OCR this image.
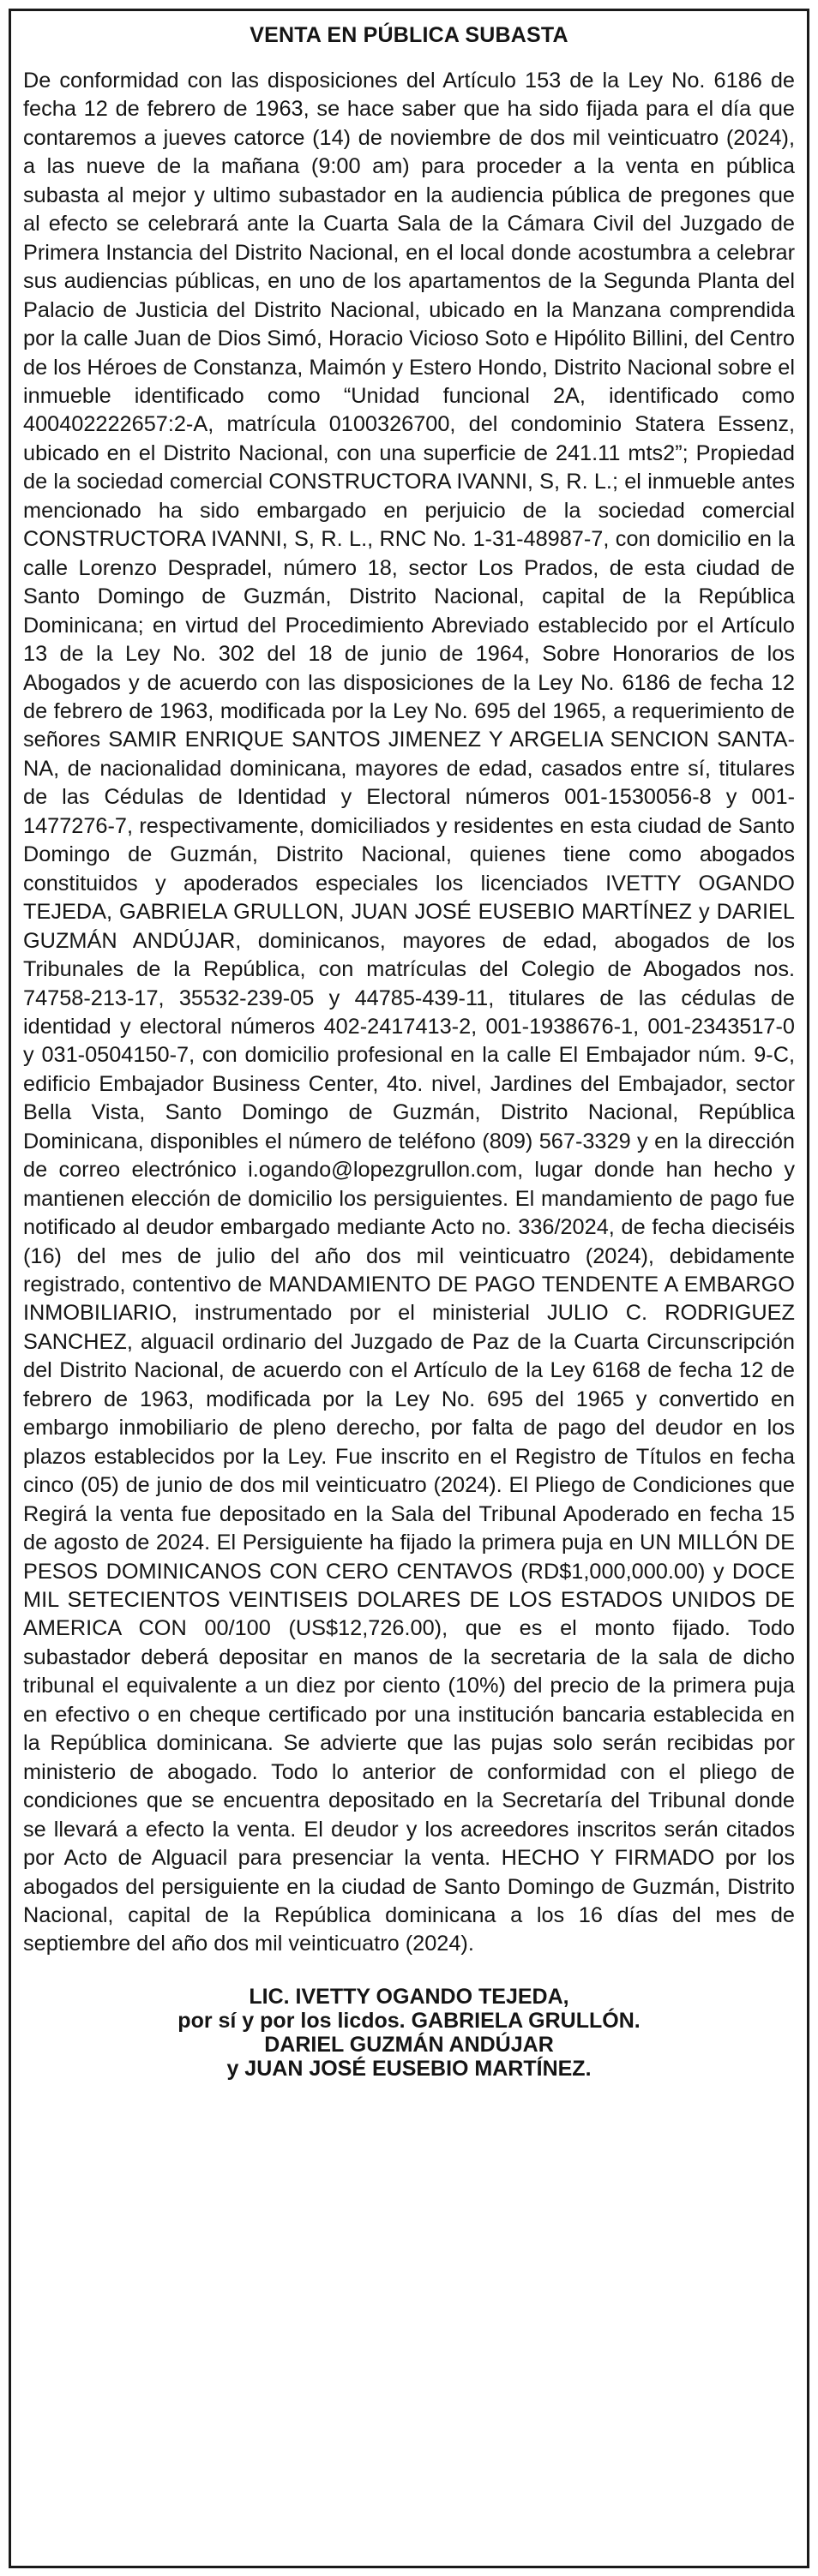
VENTA EN PÚBLICA SUBASTA

De conformidad con las disposiciones del Artículo 153 de la Ley No. 6186 de fecha 12 de febrero de 1963, se hace saber que ha sido fijada para el día que contaremos a jueves catorce (14) de noviembre de dos mil veinticuatro (2024), a las nueve de la mañana (9:00 am) para proceder a la venta en pública subasta al mejor y ultimo subastador en la audiencia pública de pregones que al efecto se celebrará ante la Cuarta Sala de la Cámara Civil del Juzgado de Primera Instancia del Distrito Nacional, en el local donde acostumbra a celebrar sus audiencias públicas, en uno de los apartamentos de la Segunda Planta del Palacio de Justicia del Distrito Nacional, ubicado en la Manzana comprendida por la calle Juan de Dios Simó, Horacio Vicioso Soto e Hipólito Billini, del Centro de los Héroes de Constanza, Maimón y Estero Hondo, Distrito Nacional sobre el inmueble identificado como “Unidad funcional 2A, identificado como 400402222657:2-A, matrícula 0100326700, del condominio Statera Essenz, ubicado en el Distrito Nacional, con una superficie de 241.11 mts2”; Propiedad de la sociedad comercial CONSTRUCTORA IVANNI, S, R. L.; el inmueble antes mencionado ha sido embargado en perjuicio de la sociedad comercial CONSTRUCTORA IVANNI, S, R. L., RNC No. 1-31-48987-7, con domicilio en la calle Lorenzo Despradel, número 18, sector Los Prados, de esta ciudad de Santo Domingo de Guzmán, Distrito Nacional, capital de la República Dominicana; en virtud del Procedimiento Abreviado establecido por el Artículo 13 de la Ley No. 302 del 18 de junio de 1964, Sobre Honorarios de los Abogados y de acuerdo con las disposiciones de la Ley No. 6186 de fecha 12 de febrero de 1963, modificada por la Ley No. 695 del 1965, a requerimiento de señores SAMIR ENRIQUE SANTOS JIMENEZ Y ARGELIA SENCION SANTANA, de nacionalidad dominicana, mayores de edad, casados entre sí, titulares de las Cédulas de Identidad y Electoral números 001-1530056-8 y 001-1477276-7, respectivamente, domiciliados y residentes en esta ciudad de Santo Domingo de Guzmán, Distrito Nacional, quienes tiene como abogados constituidos y apoderados especiales los licenciados IVETTY OGANDO TEJEDA, GABRIELA GRULLON, JUAN JOSÉ EUSEBIO MARTÍNEZ y DARIEL GUZMÁN ANDÚJAR, dominicanos, mayores de edad, abogados de los Tribunales de la República, con matrículas del Colegio de Abogados nos. 74758-213-17, 35532-239-05 y 44785-439-11, titulares de las cédulas de identidad y electoral números 402-2417413-2, 001-1938676-1, 001-2343517-0 y 031-0504150-7, con domicilio profesional en la calle El Embajador núm. 9-C, edificio Embajador Business Center, 4to. nivel, Jardines del Embajador, sector Bella Vista, Santo Domingo de Guzmán, Distrito Nacional, República Dominicana, disponibles el número de teléfono (809) 567-3329 y en la dirección de correo electrónico i.ogando@lopezgrullon.com, lugar donde han hecho y mantienen elección de domicilio los persiguientes. El mandamiento de pago fue notificado al deudor embargado mediante Acto no. 336/2024, de fecha dieciséis (16) del mes de julio del año dos mil veinticuatro (2024), debidamente registrado, contentivo de MANDAMIENTO DE PAGO TENDENTE A EMBARGO INMOBILIARIO, instrumentado por el ministerial JULIO C. RODRIGUEZ SANCHEZ, alguacil ordinario del Juzgado de Paz de la Cuarta Circunscripción del Distrito Nacional, de acuerdo con el Artículo de la Ley 6168 de fecha 12 de febrero de 1963, modificada por la Ley No. 695 del 1965 y convertido en embargo inmobiliario de pleno derecho, por falta de pago del deudor en los plazos establecidos por la Ley. Fue inscrito en el Registro de Títulos en fecha cinco (05) de junio de dos mil veinticuatro (2024). El Pliego de Condiciones que Regirá la venta fue depositado en la Sala del Tribunal Apoderado en fecha 15 de agosto de 2024. El Persiguiente ha fijado la primera puja en UN MILLÓN DE PESOS DOMINICANOS CON CERO CENTAVOS (RD$1,000,000.00) y DOCE MIL SETECIENTOS VEINTISEIS DOLARES DE LOS ESTADOS UNIDOS DE AMERICA CON 00/100 (US$12,726.00), que es el monto fijado. Todo subastador deberá depositar en manos de la secretaria de la sala de dicho tribunal el equivalente a un diez por ciento (10%) del precio de la primera puja en efectivo o en cheque certificado por una institución bancaria establecida en la República dominicana. Se advierte que las pujas solo serán recibidas por ministerio de abogado. Todo lo anterior de conformidad con el pliego de condiciones que se encuentra depositado en la Secretaría del Tribunal donde se llevará a efecto la venta. El deudor y los acreedores inscritos serán citados por Acto de Alguacil para presenciar la venta. HECHO Y FIRMADO por los abogados del persiguiente en la ciudad de Santo Domingo de Guzmán, Distrito Nacional, capital de la República dominicana a los 16 días del mes de septiembre del año dos mil veinticuatro (2024).

LIC. IVETTY OGANDO TEJEDA,
por sí y por los licdos. GABRIELA GRULLÓN.
DARIEL GUZMÁN ANDÚJAR
y JUAN JOSÉ EUSEBIO MARTÍNEZ.
